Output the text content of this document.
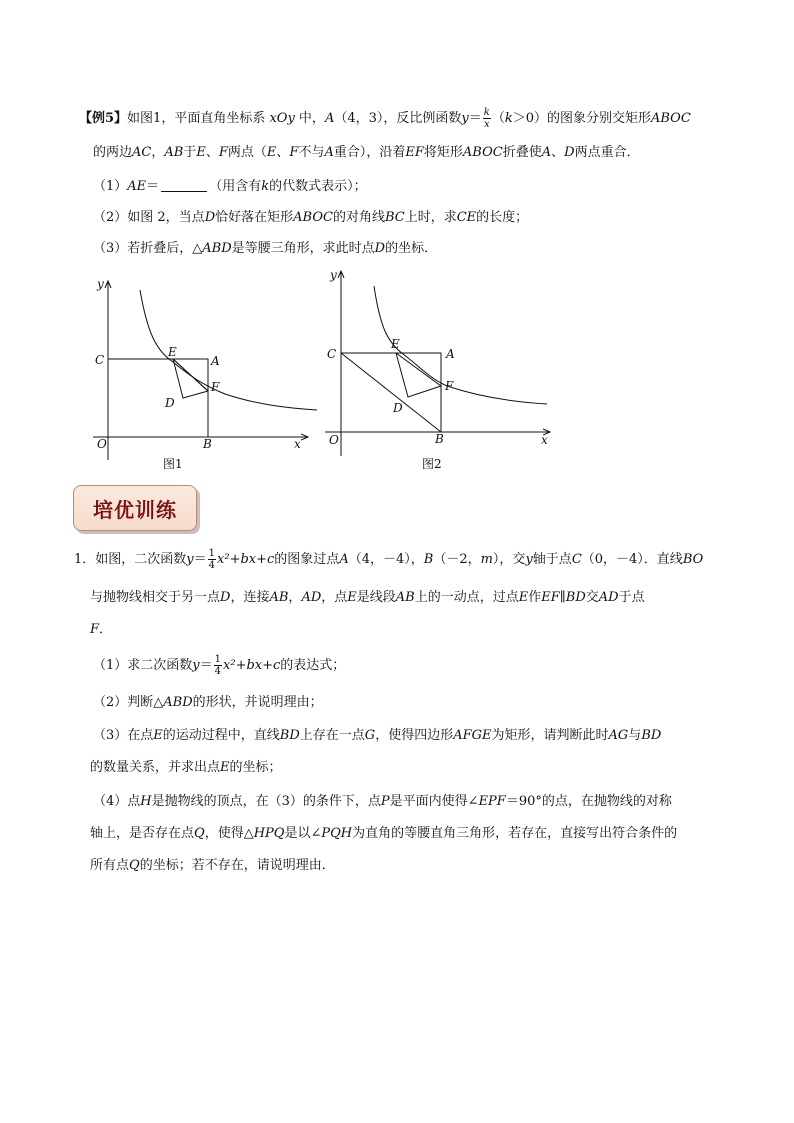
【例5】如图1，平面直角坐标系 xOy 中，A（4，3），反比例函数$y= \frac{k}{x} (k>0)$的图象分别交矩形ABOC
的两边AC，AB于E、F两点（E、F不与A重合），沿着EF将矩形ABOC折叠使A、D两点重合．
（1）AE＝	（用含有k的代数式表示）；
（2）如图 2，当点D恰好落在矩形ABOC的对角线BC上时，求CE的长度；
（3）若折叠后，△ABD是等腰三角形，求此时点D的坐标．
y
x
O
C
E
A
F
D
B
图1
y
x
O
C
E
A
F
D
B
图2
培优训练
1．如图，二次函数$y= \frac{1}{4} x^2+bx+c$的图象过点A（4，－4），B（－2，m），交y轴于点C（0，－4）．直线BO
与抛物线相交于另一点D，连接AB，AD，点E是线段AB上的一动点，过点E作EF∥BD交AD于点
F．
（1）求二次函数$y= \frac{1}{4} x^2+bx+c$的表达式；
（2）判断△ABD的形状，并说明理由；
（3）在点E的运动过程中，直线BD上存在一点G，使得四边形AFGE为矩形，请判断此时AG与BD
的数量关系，并求出点E的坐标；
（4）点H是抛物线的顶点，在（3）的条件下，点P是平面内使得∠EPF＝90°的点，在抛物线的对称
轴上，是否存在点Q，使得△HPQ是以∠PQH为直角的等腰直角三角形，若存在，直接写出符合条件的
所有点Q的坐标；若不存在，请说明理由．
